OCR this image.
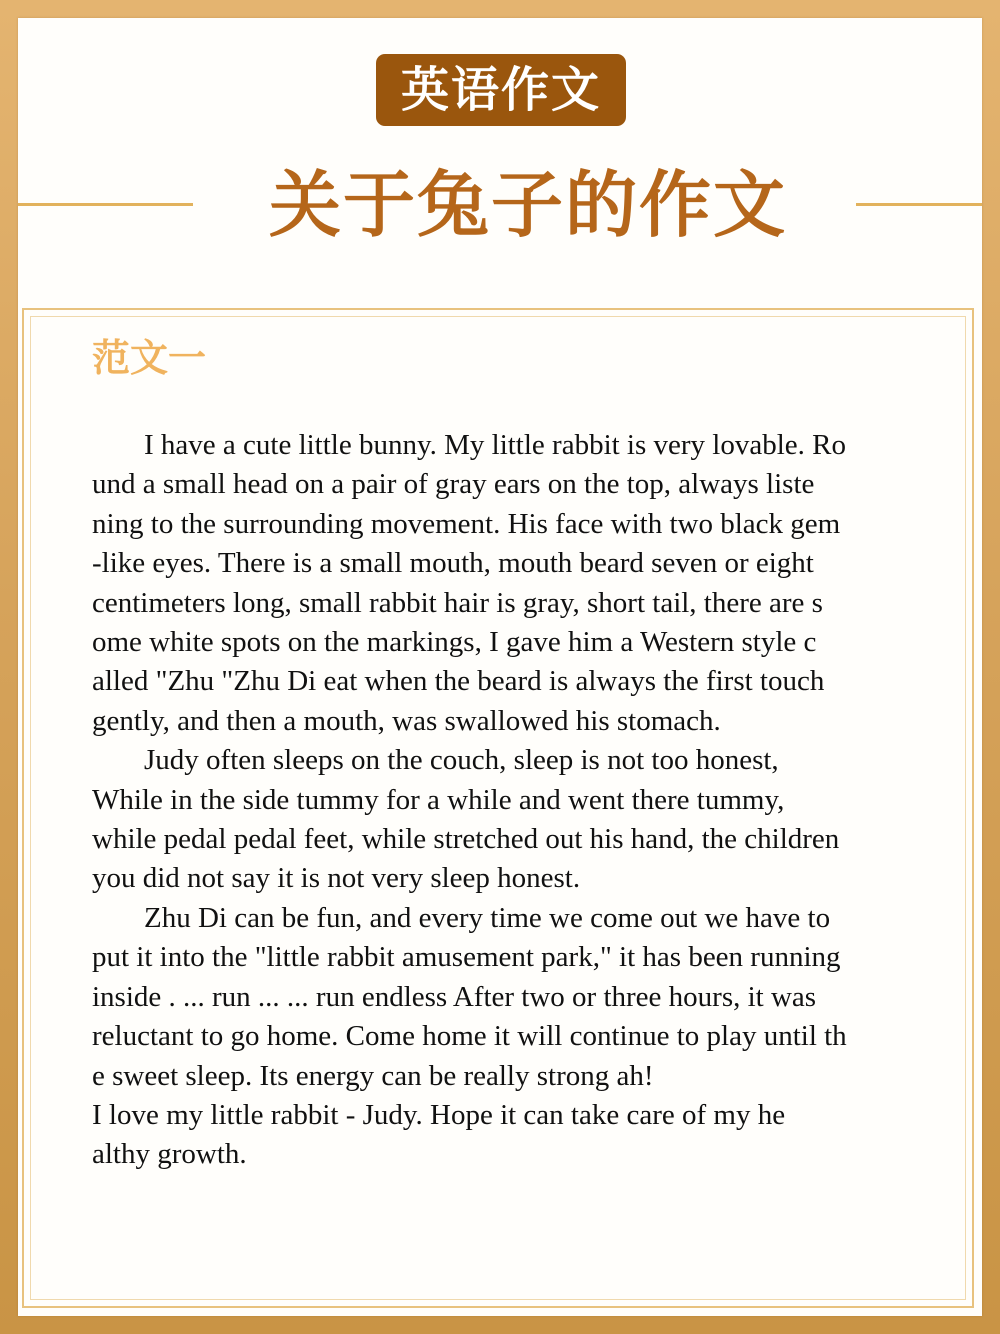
英语作文
关于兔子的作文
范文一

I have a cute little bunny. My little rabbit is very lovable. Ro

und a small head on a pair of gray ears on the top, always liste

ning to the surrounding movement. His face with two black gem

-like eyes. There is a small mouth, mouth beard seven or eight

centimeters long, small rabbit hair is gray, short tail, there are s

ome white spots on the markings, I gave him a Western style c

alled "Zhu "Zhu Di eat when the beard is always the first touch

gently, and then a mouth, was swallowed his stomach.

Judy often sleeps on the couch, sleep is not too honest,

While in the side tummy for a while and went there tummy,

while pedal pedal feet, while stretched out his hand, the children

you did not say it is not very sleep honest.

Zhu Di can be fun, and every time we come out we have to

put it into the "little rabbit amusement park," it has been running

inside . ... run ... ... run endless After two or three hours, it was

reluctant to go home. Come home it will continue to play until th

e sweet sleep. Its energy can be really strong ah!

I love my little rabbit - Judy. Hope it can take care of my he

althy growth.
